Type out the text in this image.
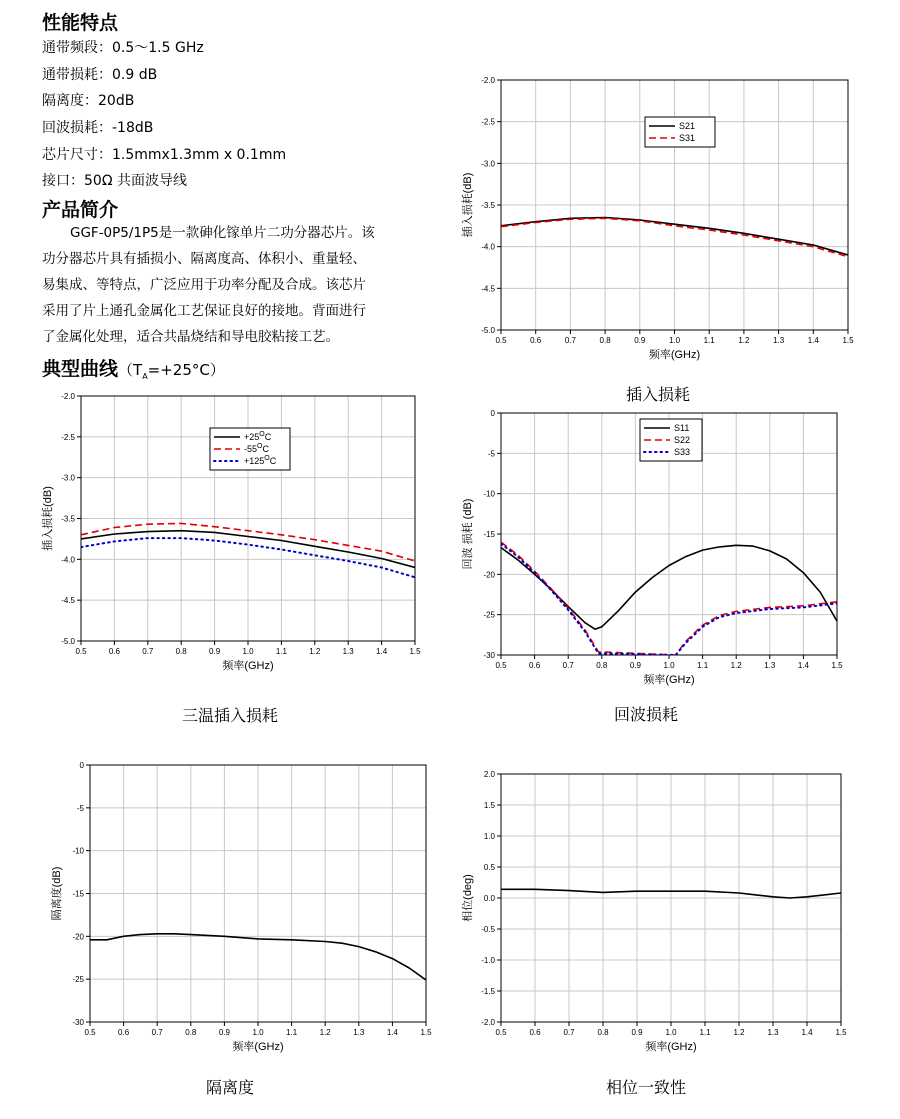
性能特点
通带频段：0.5～1.5 GHz
通带损耗：0.9 dB
隔离度：20dB
回波损耗：-18dB
芯片尺寸：1.5mmx1.3mm x 0.1mm
接口：50Ω 共面波导线
产品简介
GGF-0P5/1P5是一款砷化镓单片二功分器芯片。该
功分器芯片具有插损小、隔离度高、体积小、重量轻、
易集成、等特点，广泛应用于功率分配及合成。该芯片
采用了片上通孔金属化工艺保证良好的接地。背面进行
了金属化处理，适合共晶烧结和导电胶粘接工艺。
典型曲线$(T_A=+25^\circ C)$
0.5	0.6	0.7	0.8	0.9	1.0	1.1	1.2	1.3	1.4	1.5
-5.0
-4.5
-4.0
-3.5
-3.0
-2.5
-2.0
频率(GHz)
插入损耗(dB)
S21
S31
插入损耗
0.5	0.6	0.7	0.8	0.9	1.0	1.1	1.2	1.3	1.4	1.5
-5.0
-4.5
-4.0
-3.5
-3.0
-2.5
-2.0
频率(GHz)
插入损耗(dB)
$+25^OC$
$-55^OC$
$+125^OC$
三温插入损耗
0.5	0.6	0.7	0.8	0.9	1.0	1.1	1.2	1.3	1.4	1.5
-30
-25
-20
-15
-10
-5
0
频率(GHz)
回波 损耗 (dB)
S11
S22
S33
回波损耗
0.5	0.6	0.7	0.8	0.9	1.0	1.1	1.2	1.3	1.4	1.5
-30
-25
-20
-15
-10
-5
0
频率(GHz)
隔离度(dB)
隔离度
0.5	0.6	0.7	0.8	0.9	1.0	1.1	1.2	1.3	1.4	1.5
-2.0
-1.5
-1.0
-0.5
0.0
0.5
1.0
1.5
2.0
频率(GHz)
相位(deg)
相位一致性
